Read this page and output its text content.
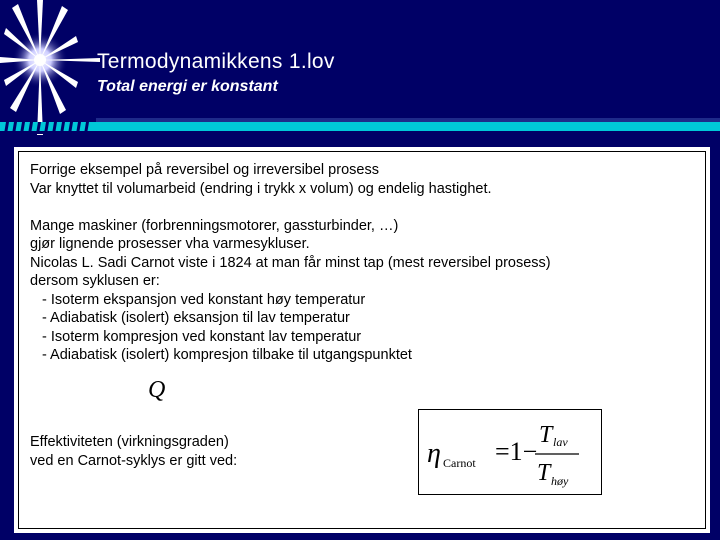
Termodynamikkens 1.lov
Total energi er konstant
Forrige eksempel på reversibel og irreversibel prosess
Var knyttet til volumarbeid (endring i trykk x volum) og endelig hastighet.
Mange maskiner (forbrenningsmotorer, gassturbinder, …)
gjør lignende prosesser vha varmesykluser.
Nicolas L. Sadi Carnot viste i 1824 at man får minst tap (mest reversibel prosess)
dersom syklusen er:
- Isoterm ekspansjon ved konstant høy temperatur
- Adiabatisk (isolert) eksansjon til lav temperatur
- Isoterm kompresjon ved konstant lav temperatur
- Adiabatisk (isolert) kompresjon tilbake til utgangspunktet
Q
Effektiviteten (virkningsgraden)
ved en Carnot-syklys er gitt ved:	η Carnot =1−
T lav
T høy
